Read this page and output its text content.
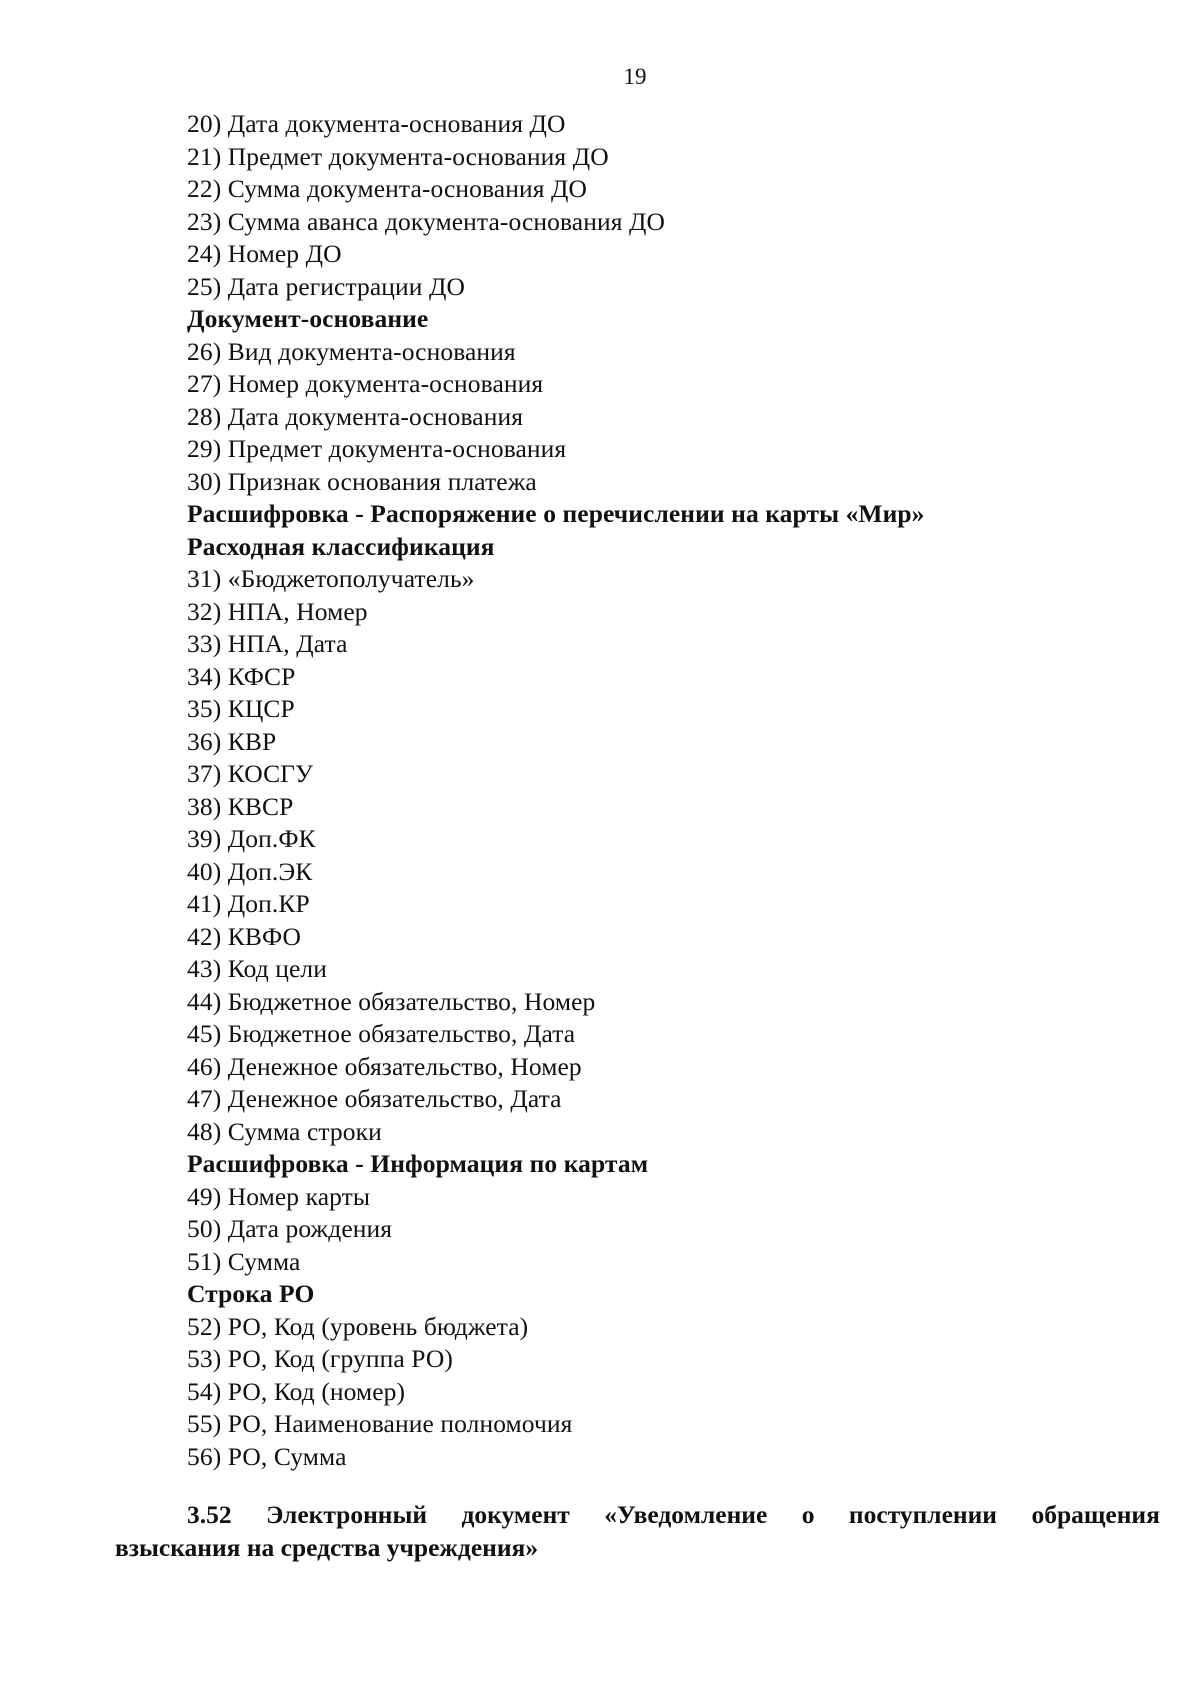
19
20) Дата документа-основания ДО
21) Предмет документа-основания ДО
22) Сумма документа-основания ДО
23) Сумма аванса документа-основания ДО
24) Номер ДО
25) Дата регистрации ДО
Документ-основание
26) Вид документа-основания
27) Номер документа-основания
28) Дата документа-основания
29) Предмет документа-основания
30) Признак основания платежа
Расшифровка - Распоряжение о перечислении на карты «Мир»
Расходная классификация
31) «Бюджетополучатель»
32) НПА, Номер
33) НПА, Дата
34) КФСР
35) КЦСР
36) КВР
37) КОСГУ
38) КВСР
39) Доп.ФК
40) Доп.ЭК
41) Доп.КР
42) КВФО
43) Код цели
44) Бюджетное обязательство, Номер
45) Бюджетное обязательство, Дата
46) Денежное обязательство, Номер
47) Денежное обязательство, Дата
48) Сумма строки
Расшифровка - Информация по картам
49) Номер карты
50) Дата рождения
51) Сумма
Строка РО
52) РО, Код (уровень бюджета)
53) РО, Код (группа РО)
54) РО, Код (номер)
55) РО, Наименование полномочия
56) РО, Сумма
3.52 Электронный документ «Уведомление о поступлении обращения
взыскания на средства учреждения»
